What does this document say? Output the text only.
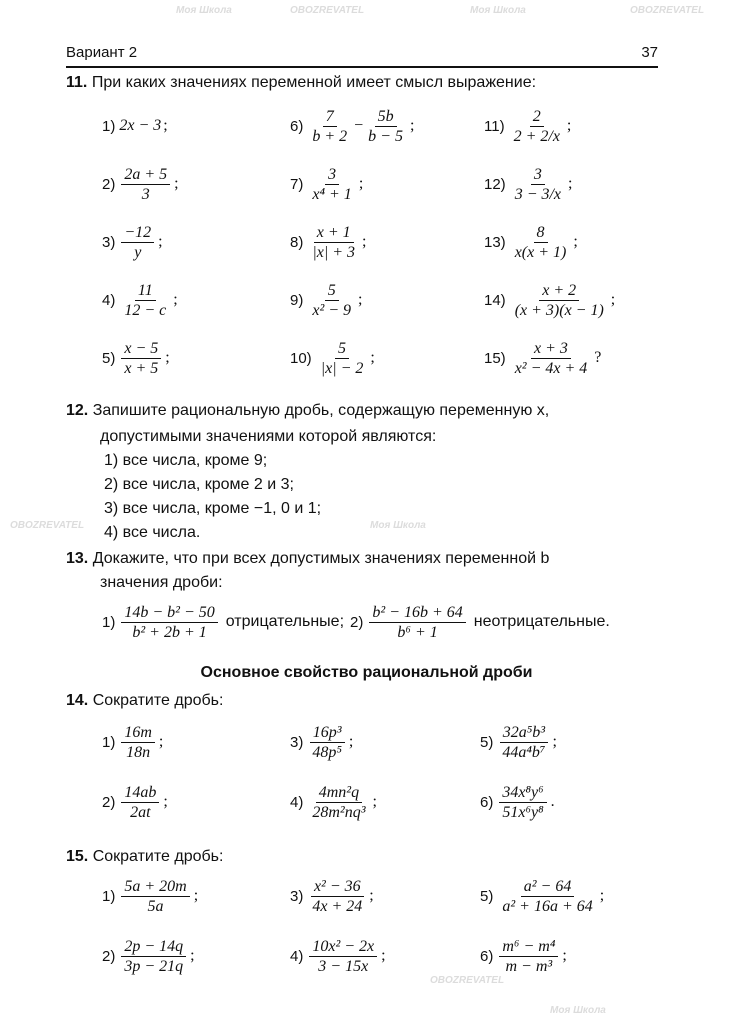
Моя Школа	OBOZREVATEL	Моя Школа	OBOZREVATEL
OBOZREVATEL	Моя Школа
OBOZREVATEL
Моя Школа
Вариант 2	37
11. При каких значениях переменной имеет смысл выражение:
1) 2x − 3 ;
$2) \frac{2a + 5}{3}$ ;
$3) \frac{-12}{y}$ ;
$4) \frac{11}{12 - c}$ ;
$5) \frac{x - 5}{x + 5}$ ;
$6) \frac{7}{b + 2} - \frac{5b}{b - 5}$ ;
$7) \frac{3}{\text{x⁴ + 1}}$ ;
$8) \frac{x + 1}{|x| + 3}$ ;
$9) \frac{5}{\text{x² − 9}}$ ;
$10) \frac{5}{|x| - 2}$ ;
$11) \frac{2}{2 + 2/x}$ ;
$12) \frac{3}{3 - 3/x}$ ;
$13) \frac{8}{x(x + 1)}$ ;
$14) \frac{x + 2}{(x + 3)(x - 1)}$ ;
$15) \frac{x + 3}{\text{x² − 4x + 4}}$ ?
12. Запишите рациональную дробь, содержащую переменную x,
допустимыми значениями которой являются:
1) все числа, кроме 9;
2) все числа, кроме 2 и 3;
3) все числа, кроме −1, 0 и 1;
4) все числа.
13. Докажите, что при всех допустимых значениях переменной b
значения дроби:
$1) \frac{\text{14b − b² − 50}}{\text{b² + 2b + 1}}$ отрицательные; $2) \frac{\text{b² − 16b + 64}}{\text{b⁶ + 1}}$ неотрицательные.
Основное свойство рациональной дроби
14. Сократите дробь:
$1) \frac{16m}{18n}$ ;
$2) \frac{14ab}{2at}$ ;
$3) \frac{\text{16p³}}{\text{48p⁵}}$ ;
$4) \frac{\text{4mn²q}}{\text{28m²nq³}}$ ;
$5) \frac{\text{32a⁵b³}}{\text{44a⁴b⁷}}$ ;
$6) \frac{\text{34x⁸y⁶}}{\text{51x⁶y⁸}}$ .
15. Сократите дробь:
$1) \frac{5a + 20m}{5a}$ ;
$2) \frac{2p - 14q}{3p - 21q}$ ;
$3) \frac{\text{x² − 36}}{4x + 24}$ ;
$4) \frac{\text{10x² − 2x}}{3 - 15x}$ ;
$5) \frac{\text{a² − 64}}{\text{a² + 16a + 64}}$ ;
$6) \frac{\text{m⁶ − m⁴}}{\text{m − m³}}$ ;
